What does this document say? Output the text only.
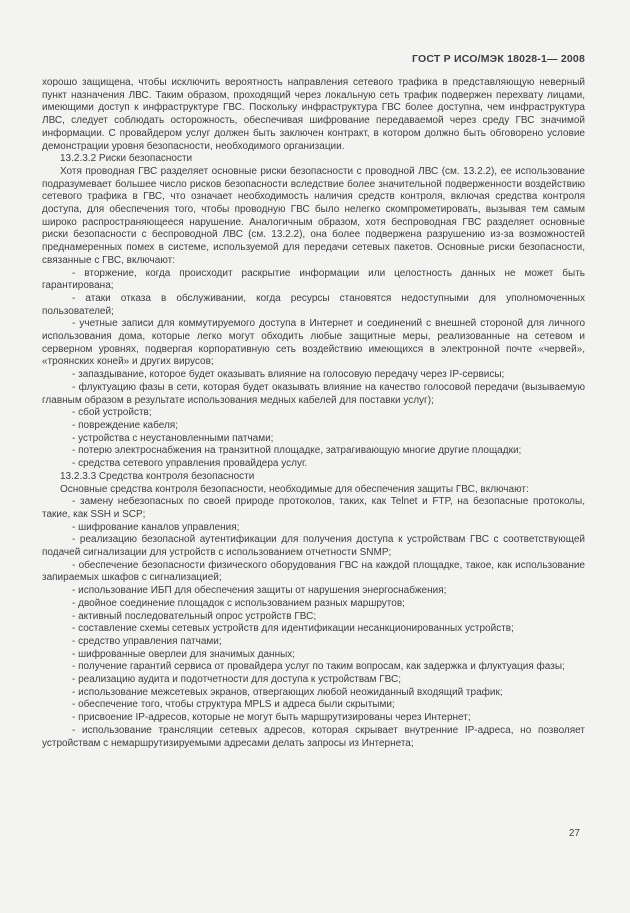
ГОСТ Р ИСО/МЭК 18028-1— 2008
хорошо защищена, чтобы исключить вероятность направления сетевого трафика в представляющую неверный пункт назначения ЛВС. Таким образом, проходящий через локальную сеть трафик подвержен перехвату лицами, имеющими доступ к инфраструктуре ГВС. Поскольку инфраструктура ГВС более доступна, чем инфраструктура ЛВС, следует соблюдать осторожность, обеспечивая шифрование передаваемой через среду ГВС значимой информации. С провайдером услуг должен быть заключен контракт, в котором должно быть обговорено условие демонстрации уровня безопасности, необходимого организации.
13.2.3.2 Риски безопасности
Хотя проводная ГВС разделяет основные риски безопасности с проводной ЛВС (см. 13.2.2), ее использование подразумевает большее число рисков безопасности вследствие более значительной подверженности воздействию сетевого трафика в ГВС, что означает необходимость наличия средств контроля, включая средства контроля доступа, для обеспечения того, чтобы проводную ГВС было нелегко скомпрометировать, вызывая тем самым широко распространяющееся нарушение. Аналогичным образом, хотя беспроводная ГВС разделяет основные риски безопасности с беспроводной ЛВС (см. 13.2.2), она более подвержена разрушению из-за возможностей преднамеренных помех в системе, используемой для передачи сетевых пакетов. Основные риски безопасности, связанные с ГВС, включают:
- вторжение, когда происходит раскрытие информации или целостность данных не может быть гарантирована;
- атаки отказа в обслуживании, когда ресурсы становятся недоступными для уполномоченных пользователей;
- учетные записи для коммутируемого доступа в Интернет и соединений с внешней стороной для личного использования дома, которые легко могут обходить любые защитные меры, реализованные на сетевом и серверном уровнях, подвергая корпоративную сеть воздействию имеющихся в электронной почте «червей», «троянских коней» и других вирусов;
- запаздывание, которое будет оказывать влияние на голосовую передачу через IP-сервисы;
- флуктуацию фазы в сети, которая будет оказывать влияние на качество голосовой передачи (вызываемую главным образом в результате использования медных кабелей для поставки услуг);
- сбой устройств;
- повреждение кабеля;
- устройства с неустановленными патчами;
- потерю электроснабжения на транзитной площадке, затрагивающую многие другие площадки;
- средства сетевого управления провайдера услуг.
13.2.3.3 Средства контроля безопасности
Основные средства контроля безопасности, необходимые для обеспечения защиты ГВС, включают:
- замену небезопасных по своей природе протоколов, таких, как Telnet и FTP, на безопасные протоколы, такие, как SSH и SCP;
- шифрование каналов управления;
- реализацию безопасной аутентификации для получения доступа к устройствам ГВС с соответствующей подачей сигнализации для устройств с использованием отчетности SNMP;
- обеспечение безопасности физического оборудования ГВС на каждой площадке, такое, как использование запираемых шкафов с сигнализацией;
- использование ИБП для обеспечения защиты от нарушения энергоснабжения;
- двойное соединение площадок с использованием разных маршрутов;
- активный последовательный опрос устройств ГВС;
- составление схемы сетевых устройств для идентификации несанкционированных устройств;
- средство управления патчами;
- шифрованные оверлеи для значимых данных;
- получение гарантий сервиса от провайдера услуг по таким вопросам, как задержка и флуктуация фазы;
- реализацию аудита и подотчетности для доступа к устройствам ГВС;
- использование межсетевых экранов, отвергающих любой неожиданный входящий трафик;
- обеспечение того, чтобы структура MPLS и адреса были скрытыми;
- присвоение IP-адресов, которые не могут быть маршрутизированы через Интернет;
- использование трансляции сетевых адресов, которая скрывает внутренние IP-адреса, но позволяет устройствам с немаршрутизируемыми адресами делать запросы из Интернета;
27
